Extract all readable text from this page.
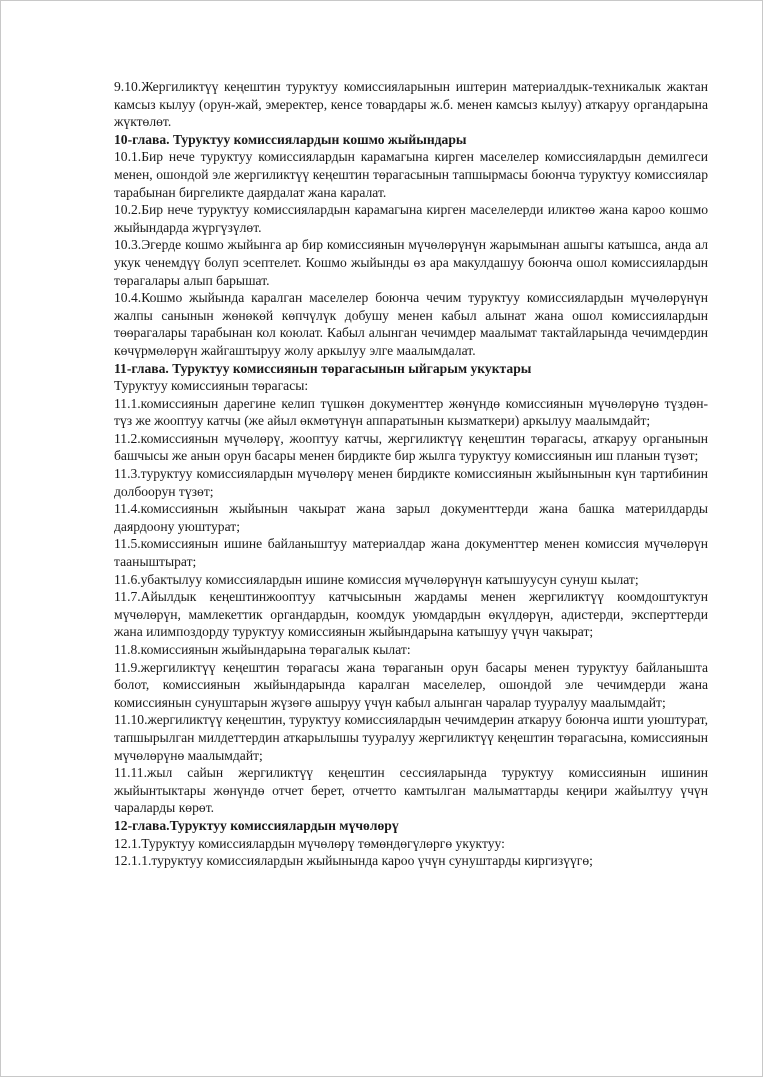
9.10.Жергиликтүү кеңештин туруктуу комиссияларынын иштерин материалдык-техникалык жактан камсыз кылуу (орун-жай, эмеректер, кенсе товардары ж.б. менен камсыз кылуу) аткаруу органдарына жүктөлөт.

10-глава. Туруктуу комиссиялардын кошмо жыйындары

10.1.Бир нече туруктуу комиссиялардын карамагына кирген маселелер комиссиялардын демилгеси менен, ошондой эле жергиликтүү кеңештин төрагасынын тапшырмасы боюнча туруктуу комиссиялар тарабынан биргеликте даярдалат жана каралат.

10.2.Бир нече туруктуу комиссиялардын карамагына кирген маселелерди иликтөө жана карoo кошмо жыйындарда жүргүзүлөт.

10.3.Эгерде кошмо жыйынга ар бир комиссиянын мүчөлөрүнүн жарымынан ашыгы катышса, анда ал укук ченемдүү болуп эсептелет. Кошмо жыйынды өз ара макулдашуу боюнча ошол комиссиялардын төрагалары алып барышат.

10.4.Кошмо жыйында каралган маселелер боюнча чечим туруктуу комиссиялардын мүчөлөрүнүн жалпы санынын жөнөкөй көпчүлүк добушу менен кабыл алынат жана ошол комиссиялардын төөрагалары тарабынан кол коюлат. Кабыл алынган чечимдер маалымат тактайларында чечимдердин көчүрмөлөрүн жайгаштыруу жолу аркылуу элге маалымдалат.

11-глава. Туруктуу комиссиянын төрагасынын ыйгарым укуктары

Туруктуу комиссиянын төрагасы:

11.1.комиссиянын дарегине келип түшкөн документтер жөнүндө комиссиянын мүчөлөрүнө түздөн-түз же жооптуу катчы (же айыл өкмөтүнүн аппаратынын кызматкери) аркылуу маалымдайт;

11.2.комиссиянын мүчөлөрү, жооптуу катчы, жергиликтүү кеңештин төрагасы, аткаруу органынын башчысы же анын орун басары менен бирдикте бир жылга туруктуу комиссиянын иш планын түзөт;

11.3.туруктуу комиссиялардын мүчөлөрү менен бирдикте комиссиянын жыйынынын күн тартибинин долбоорун түзөт;

11.4.комиссиянын жыйынын чакырат жана зарыл документтерди жана башка материлдарды даярдоону уюштурат;

11.5.комиссиянын ишине байланыштуу материалдар жана документтер менен комиссия мүчөлөрүн тааныштырат;

11.6.убактылуу комиссиялардын ишине комиссия мүчөлөрүнүн катышуусун сунуш кылат;

11.7.Айылдык кеңештинжооптуу катчысынын жардамы менен жергиликтүү коомдоштуктун мүчөлөрүн, мамлекеттик органдардын, коомдук уюмдардын өкүлдөрүн, адистерди, эксперттерди жана илимпоздорду туруктуу комиссиянын жыйындарына катышуу үчүн чакырат;

11.8.комиссиянын жыйындарына төрагалык кылат:

11.9.жергиликтүү кеңештин төрагасы жана төраганын орун басары менен туруктуу байланышта болот, комиссиянын жыйындарында каралган маселелер, ошондой эле чечимдерди жана комиссиянын сунуштарын жүзөгө ашыруу үчүн кабыл алынган чаралар тууралуу маалымдайт;

11.10.жергиликтүү кеңештин, туруктуу комиссиялардын чечимдерин аткаруу боюнча ишти уюштурат, тапшырылган милдеттердин аткарылышы тууралуу жергиликтүү кеңештин төрагасына, комиссиянын мүчөлөрүнө маалымдайт;

11.11.жыл сайын жергиликтүү кеңештин сессияларында туруктуу комиссиянын ишинин жыйынтыктары жөнүндө отчет берет, отчетто камтылган малыматтарды кеңири жайылтуу үчүн чараларды көрөт.

12-глава.Туруктуу комиссиялардын мүчөлөрү

12.1.Туруктуу комиссиялардын мүчөлөрү төмөндөгүлөргө укуктуу:

12.1.1.туруктуу комиссиялардын жыйынында карoo үчүн сунуштарды киргизүүгө;
